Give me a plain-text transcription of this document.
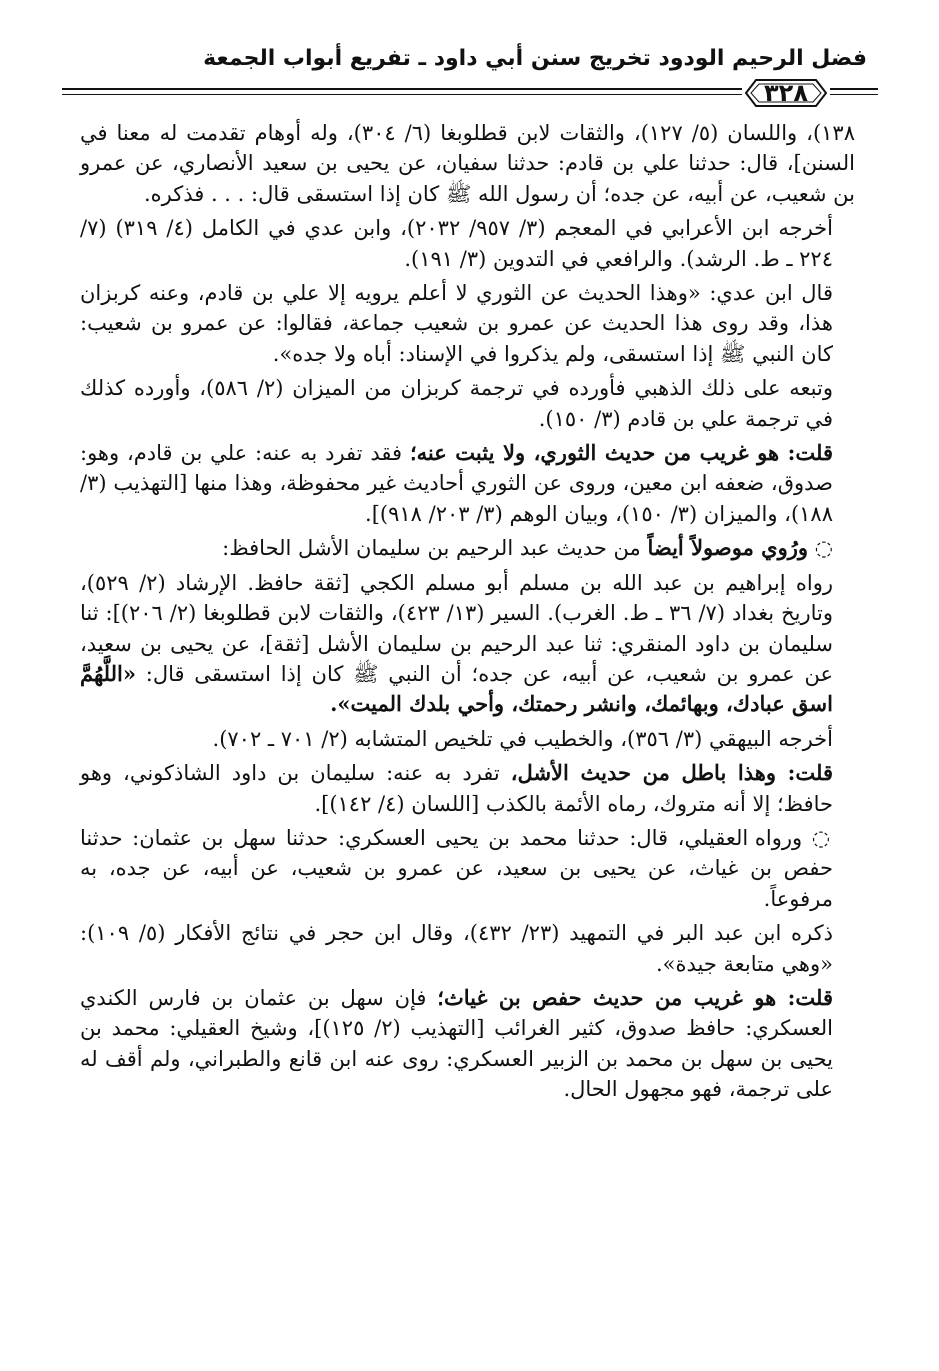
فضل الرحيم الودود تخريج سنن أبي داود ـ تفريع أبواب الجمعة
٣٢٨

١٣٨)، واللسان (٥/ ١٢٧)، والثقات لابن قطلوبغا (٦/ ٣٠٤)، وله أوهام تقدمت له معنا في السنن]، قال: حدثنا علي بن قادم: حدثنا سفيان، عن يحيى بن سعيد الأنصاري، عن عمرو بن شعيب، عن أبيه، عن جده؛ أن رسول الله ﷺ كان إذا استسقى قال: . . . فذكره.

أخرجه ابن الأعرابي في المعجم (٣/ ٩٥٧/ ٢٠٣٢)، وابن عدي في الكامل (٤/ ٣١٩) (٧/ ٢٢٤ ـ ط. الرشد). والرافعي في التدوين (٣/ ١٩١).

قال ابن عدي: «وهذا الحديث عن الثوري لا أعلم يرويه إلا علي بن قادم، وعنه كربزان هذا، وقد روى هذا الحديث عن عمرو بن شعيب جماعة، فقالوا: عن عمرو بن شعيب: كان النبي ﷺ إذا استسقى، ولم يذكروا في الإسناد: أباه ولا جده».

وتبعه على ذلك الذهبي فأورده في ترجمة كربزان من الميزان (٢/ ٥٨٦)، وأورده كذلك في ترجمة علي بن قادم (٣/ ١٥٠).

قلت: هو غريب من حديث الثوري، ولا يثبت عنه؛ فقد تفرد به عنه: علي بن قادم، وهو: صدوق، ضعفه ابن معين، وروى عن الثوري أحاديث غير محفوظة، وهذا منها [التهذيب (٣/ ١٨٨)، والميزان (٣/ ١٥٠)، وبيان الوهم (٣/ ٢٠٣/ ٩١٨)].

◌ ورُوي موصولاً أيضاً من حديث عبد الرحيم بن سليمان الأشل الحافظ:

رواه إبراهيم بن عبد الله بن مسلم أبو مسلم الكجي [ثقة حافظ. الإرشاد (٢/ ٥٢٩)، وتاريخ بغداد (٧/ ٣٦ ـ ط. الغرب). السير (١٣/ ٤٢٣)، والثقات لابن قطلوبغا (٢/ ٢٠٦)]: ثنا سليمان بن داود المنقري: ثنا عبد الرحيم بن سليمان الأشل [ثقة]، عن يحيى بن سعيد، عن عمرو بن شعيب، عن أبيه، عن جده؛ أن النبي ﷺ كان إذا استسقى قال: «اللَّهُمَّ اسق عبادك، وبهائمك، وانشر رحمتك، وأحي بلدك الميت».

أخرجه البيهقي (٣/ ٣٥٦)، والخطيب في تلخيص المتشابه (٢/ ٧٠١ ـ ٧٠٢).

قلت: وهذا باطل من حديث الأشل، تفرد به عنه: سليمان بن داود الشاذكوني، وهو حافظ؛ إلا أنه متروك، رماه الأئمة بالكذب [اللسان (٤/ ١٤٢)].

◌ ورواه العقيلي، قال: حدثنا محمد بن يحيى العسكري: حدثنا سهل بن عثمان: حدثنا حفص بن غياث، عن يحيى بن سعيد، عن عمرو بن شعيب، عن أبيه، عن جده، به مرفوعاً.

ذكره ابن عبد البر في التمهيد (٢٣/ ٤٣٢)، وقال ابن حجر في نتائج الأفكار (٥/ ١٠٩): «وهي متابعة جيدة».

قلت: هو غريب من حديث حفص بن غياث؛ فإن سهل بن عثمان بن فارس الكندي العسكري: حافظ صدوق، كثير الغرائب [التهذيب (٢/ ١٢٥)]، وشيخ العقيلي: محمد بن يحيى بن سهل بن محمد بن الزبير العسكري: روى عنه ابن قانع والطبراني، ولم أقف له على ترجمة، فهو مجهول الحال.
